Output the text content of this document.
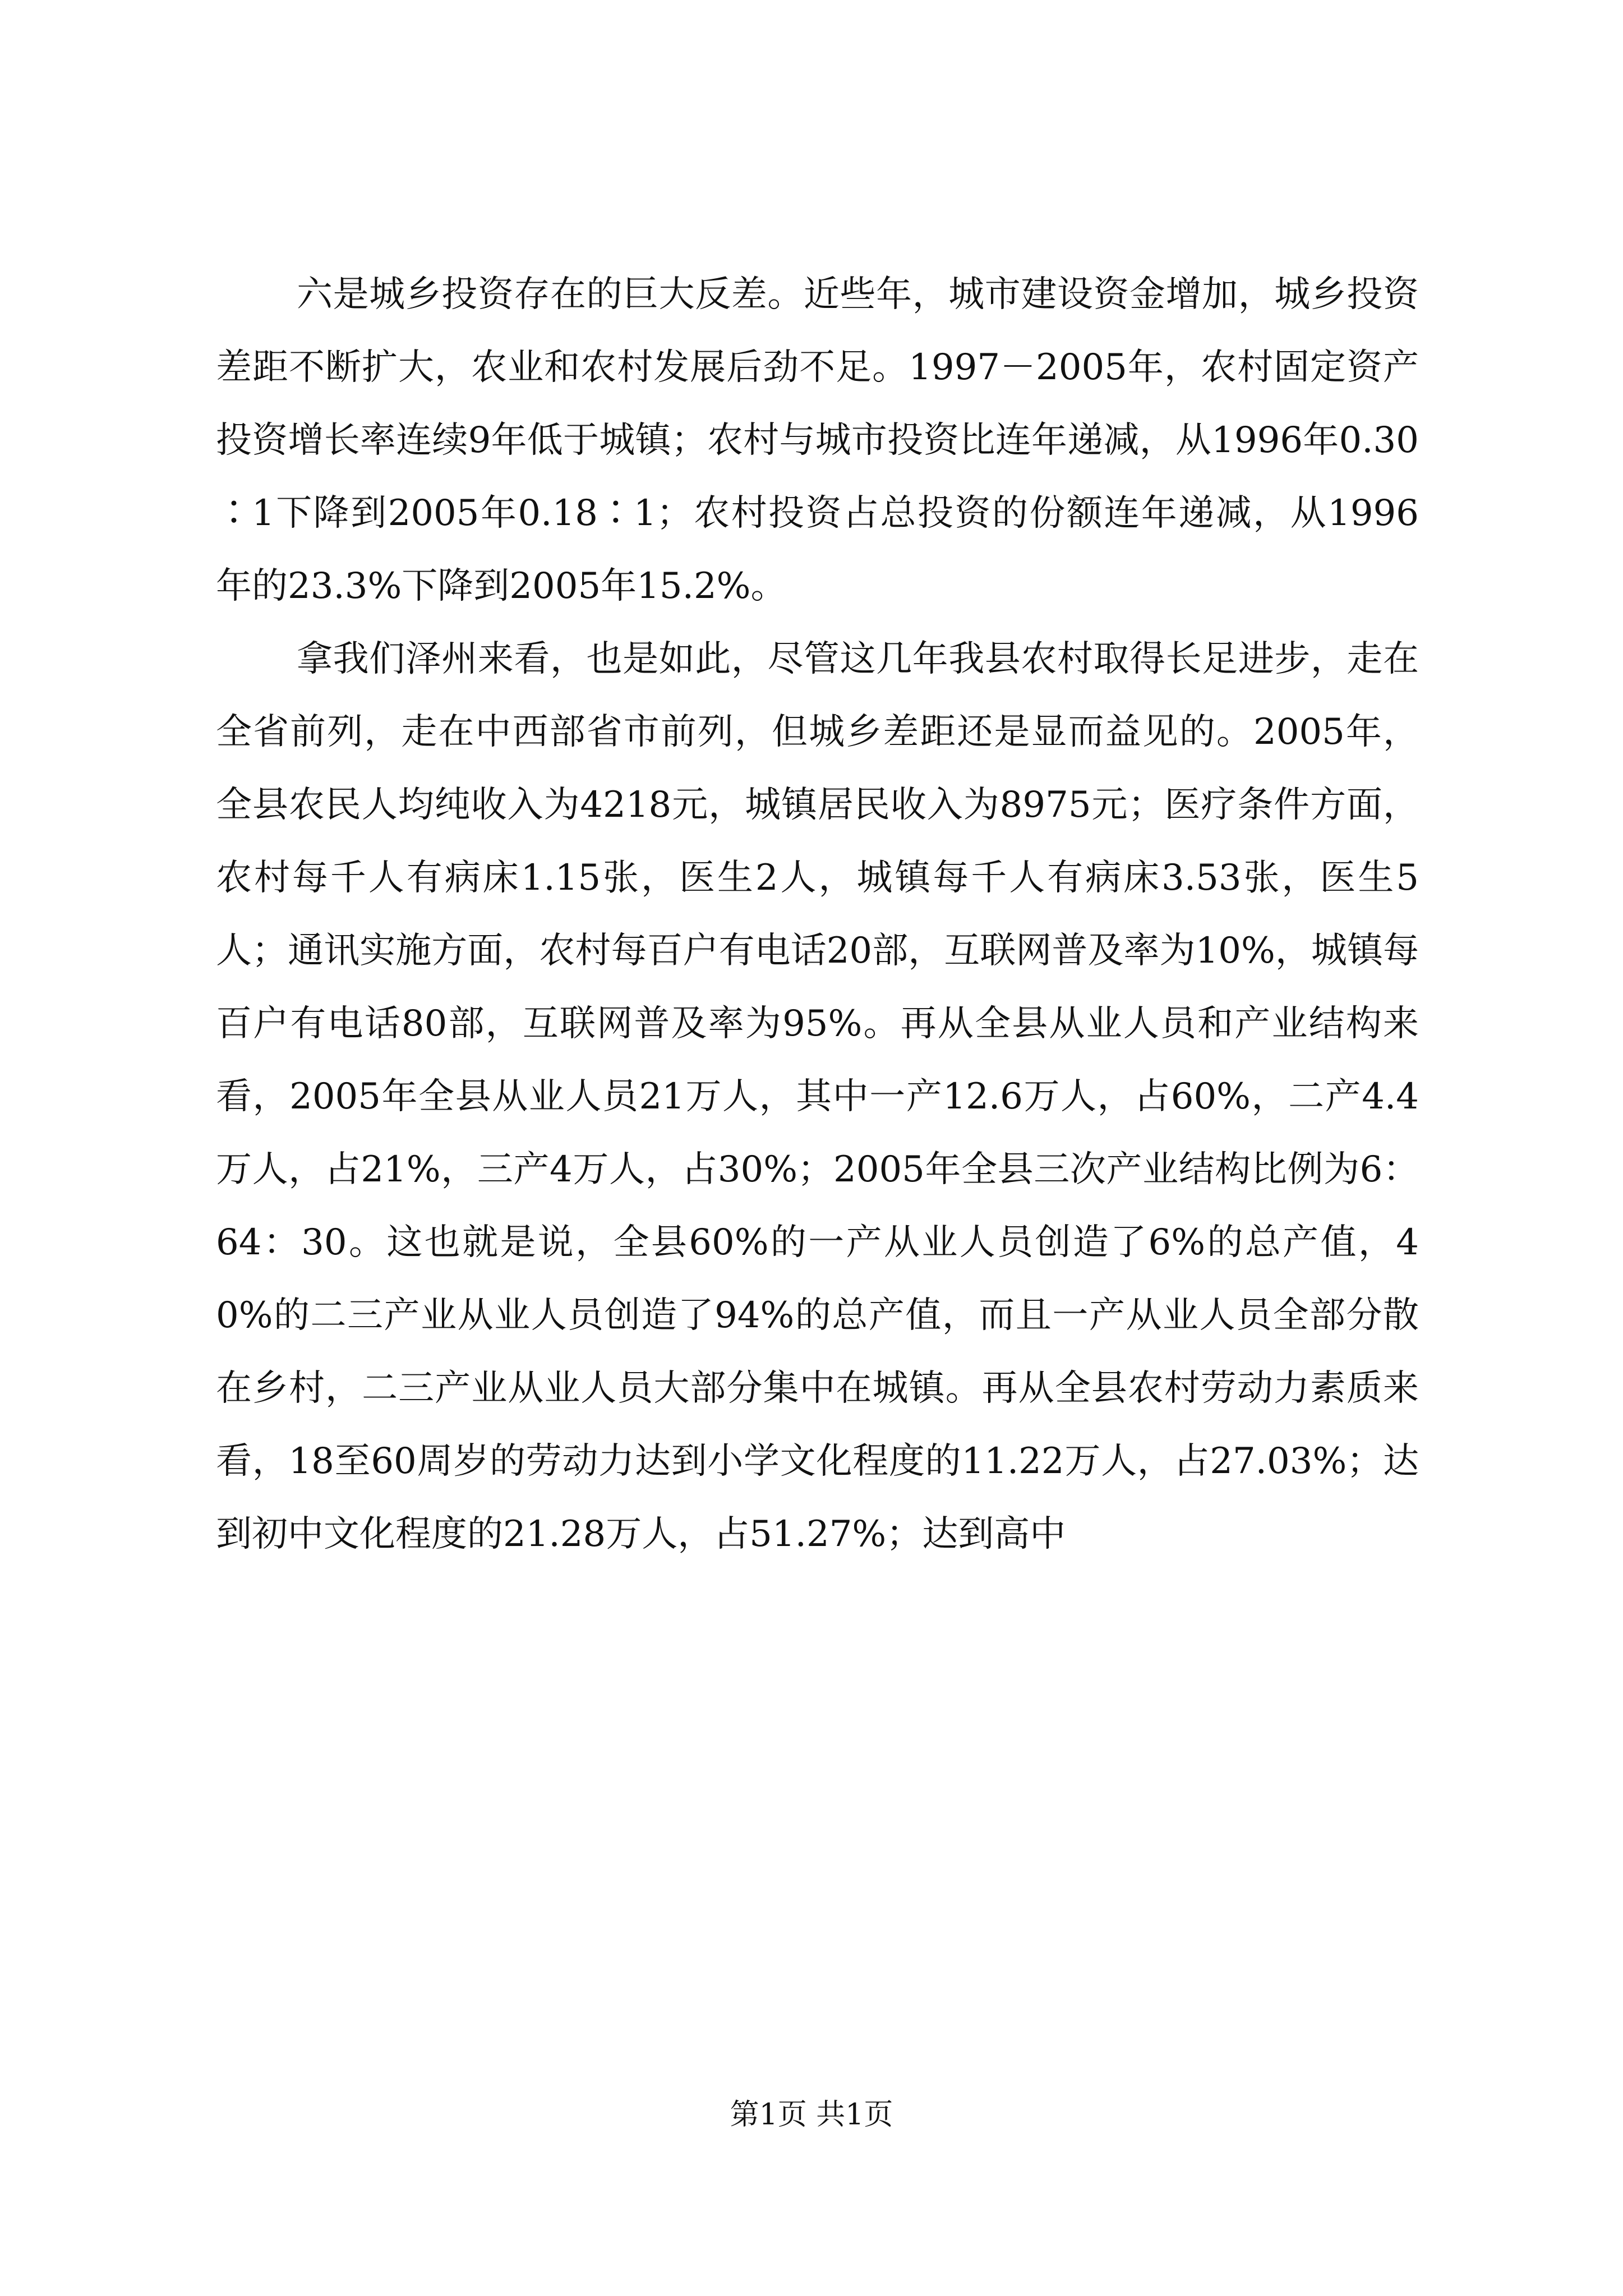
六是城乡投资存在的巨大反差。近些年，城市建设资金增加，城乡投资差距不断扩大，农业和农村发展后劲不足。1997－2005年，农村固定资产投资增长率连续9年低于城镇；农村与城市投资比连年递减，从1996年0.30∶1下降到2005年0.18∶1；农村投资占总投资的份额连年递减，从1996年的23.3%下降到2005年15.2%。

拿我们泽州来看，也是如此，尽管这几年我县农村取得长足进步，走在全省前列，走在中西部省市前列，但城乡差距还是显而益见的。2005年，全县农民人均纯收入为4218元，城镇居民收入为8975元；医疗条件方面，农村每千人有病床1.15张，医生2人，城镇每千人有病床3.53张，医生5人；通讯实施方面，农村每百户有电话20部，互联网普及率为10%，城镇每百户有电话80部，互联网普及率为95%。再从全县从业人员和产业结构来看，2005年全县从业人员21万人，其中一产12.6万人，占60%，二产4.4万人，占21%，三产4万人，占30%；2005年全县三次产业结构比例为6：64：30。这也就是说，全县60%的一产从业人员创造了6%的总产值，40%的二三产业从业人员创造了94%的总产值，而且一产从业人员全部分散在乡村，二三产业从业人员大部分集中在城镇。再从全县农村劳动力素质来看，18至60周岁的劳动力达到小学文化程度的11.22万人，占27.03%；达到初中文化程度的21.28万人，占51.27%；达到高中

第1页 共1页
